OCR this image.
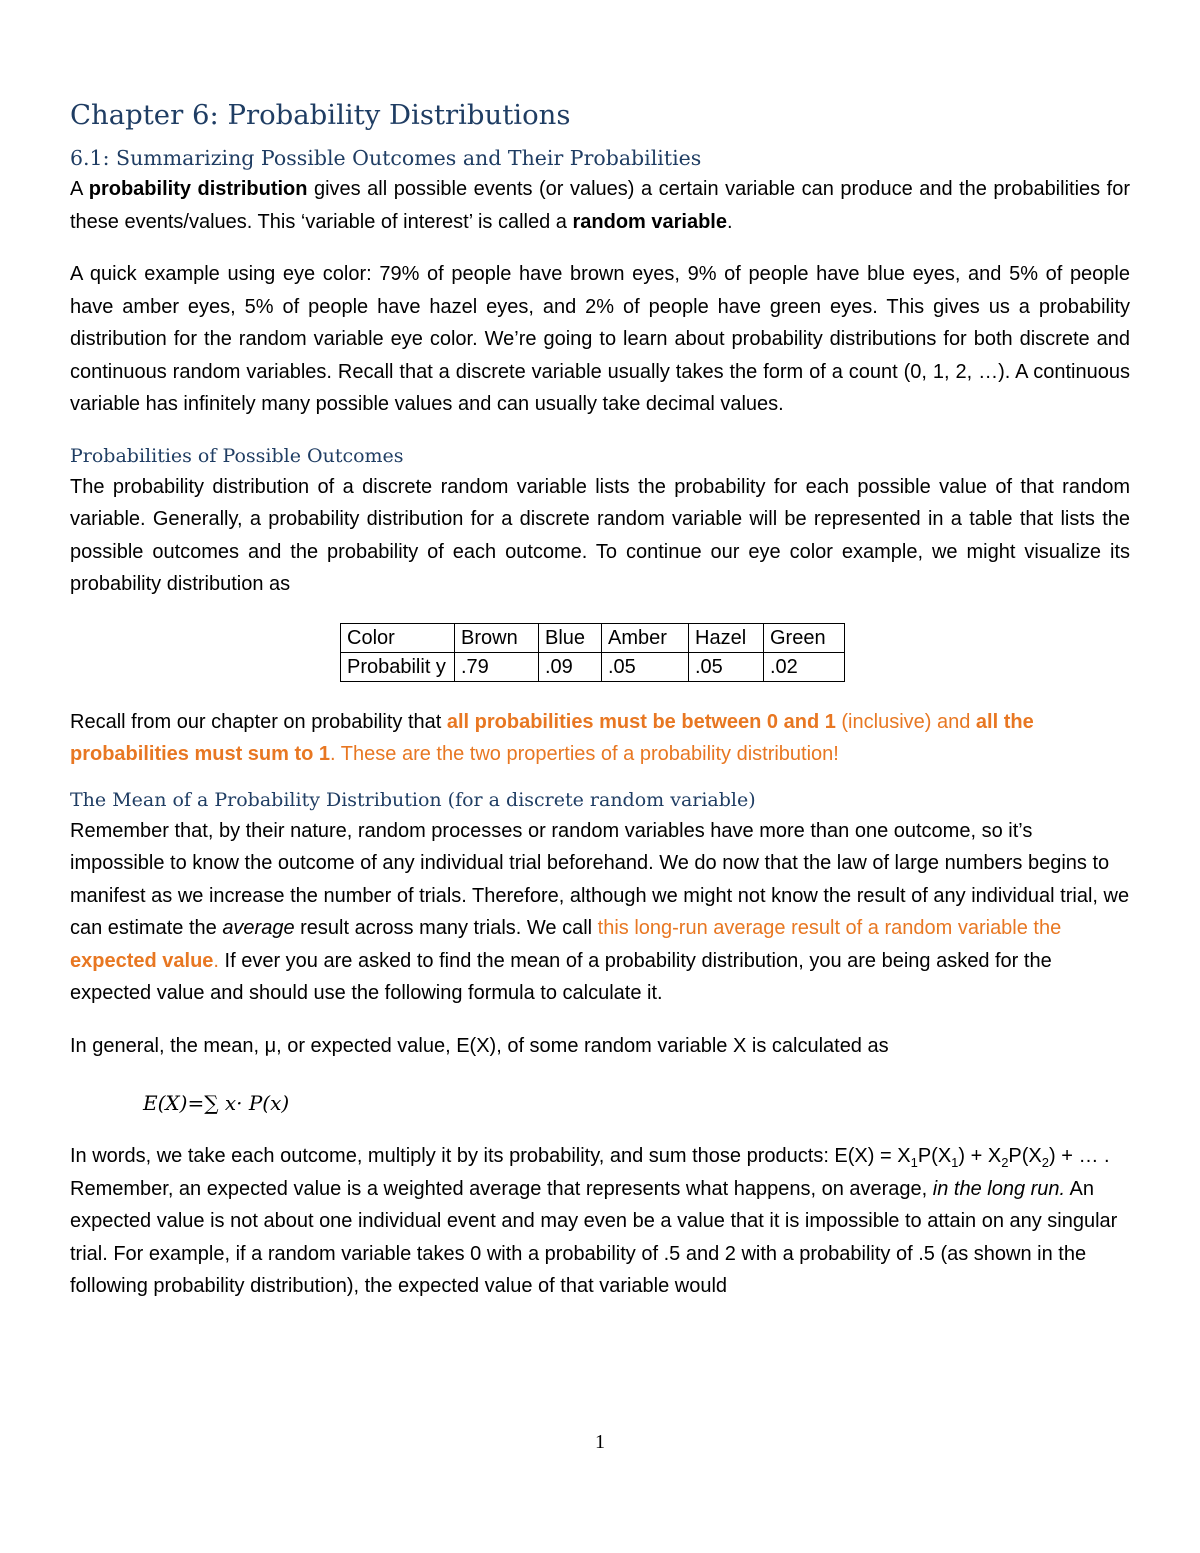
Chapter 6: Probability Distributions
6.1: Summarizing Possible Outcomes and Their Probabilities

A probability distribution gives all possible events (or values) a certain variable can produce and the probabilities for these events/values. This ‘variable of interest’ is called a random variable.

A quick example using eye color: 79% of people have brown eyes, 9% of people have blue eyes, and 5% of people have amber eyes, 5% of people have hazel eyes, and 2% of people have green eyes. This gives us a probability distribution for the random variable eye color. We’re going to learn about probability distributions for both discrete and continuous random variables. Recall that a discrete variable usually takes the form of a count (0, 1, 2, …). A continuous variable has infinitely many possible values and can usually take decimal values.

Probabilities of Possible Outcomes

The probability distribution of a discrete random variable lists the probability for each possible value of that random variable. Generally, a probability distribution for a discrete random variable will be represented in a table that lists the possible outcomes and the probability of each outcome. To continue our eye color example, we might visualize its probability distribution as

Color	Brown	Blue	Amber	Hazel	Green
Probabilit y	.79	.09	.05	.05	.02

Recall from our chapter on probability that all probabilities must be between 0 and 1 (inclusive) and all the probabilities must sum to 1. These are the two properties of a probability distribution!

The Mean of a Probability Distribution (for a discrete random variable)

Remember that, by their nature, random processes or random variables have more than one outcome, so it’s impossible to know the outcome of any individual trial beforehand. We do now that the law of large numbers begins to manifest as we increase the number of trials. Therefore, although we might not know the result of any individual trial, we can estimate the average result across many trials. We call this long-run average result of a random variable the expected value. If ever you are asked to find the mean of a probability distribution, you are being asked for the expected value and should use the following formula to calculate it.

In general, the mean, μ, or expected value, E(X), of some random variable X is calculated as

E(X)=∑ x· P(x)

In words, we take each outcome, multiply it by its probability, and sum those products: $E(X) = X_1P(X_1) + X_2P(X_2)$ + … . Remember, an expected value is a weighted average that represents what happens, on average, in the long run. An expected value is not about one individual event and may even be a value that it is impossible to attain on any singular trial. For example, if a random variable takes 0 with a probability of .5 and 2 with a probability of .5 (as shown in the following probability distribution), the expected value of that variable would

1
